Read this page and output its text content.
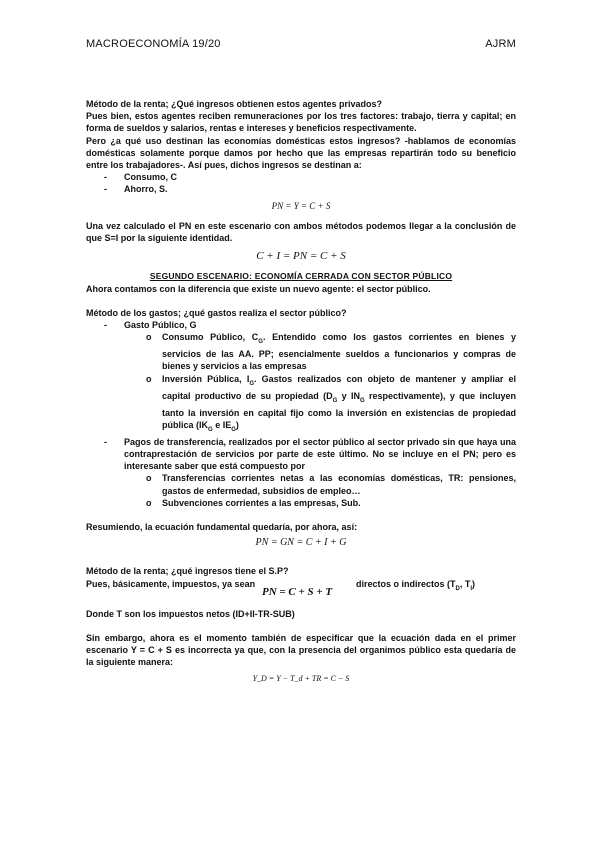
MACROECONOMÍA 19/20	AJRM

Método de la renta; ¿Qué ingresos obtienen estos agentes privados?

Pues bien, estos agentes reciben remuneraciones por los tres factores: trabajo, tierra y capital; en forma de sueldos y salarios, rentas e intereses y beneficios respectivamente.

Pero ¿a qué uso destinan las economías domésticas estos ingresos? -hablamos de economías domésticas solamente porque damos por hecho que las empresas repartirán todo su beneficio entre los trabajadores-. Así pues, dichos ingresos se destinan a:

- Consumo, C
- Ahorro, S.
PN = Y = C + S

Una vez calculado el PN en este escenario con ambos métodos podemos llegar a la conclusión de que S=I por la siguiente identidad.

C + I = PN = C + S
SEGUNDO ESCENARIO: ECONOMÍA CERRADA CON SECTOR PÚBLICO

Ahora contamos con la diferencia que existe un nuevo agente: el sector público.

Método de los gastos; ¿qué gastos realiza el sector público?

- Gasto Público, G
o Consumo Público, $C_G$. Entendido como los gastos corrientes en bienes y servicios de las AA. PP; esencialmente sueldos a funcionarios y compras de bienes y servicios a las empresas
o Inversión Pública, $I_G$. Gastos realizados con objeto de mantener y ampliar el capital productivo de su propiedad ($D_G$ y $IN_G$ respectivamente), y que incluyen tanto la inversión en capital fijo como la inversión en existencias de propiedad pública ($IK_G$ e $IE_G$)
- Pagos de transferencia, realizados por el sector público al sector privado sin que haya una contraprestación de servicios por parte de este último. No se incluye en el PN; pero es interesante saber que está compuesto por
o Transferencias corrientes netas a las economías domésticas, TR: pensiones, gastos de enfermedad, subsidios de empleo…
o Subvenciones corrientes a las empresas, Sub.

Resumiendo, la ecuación fundamental quedaría, por ahora, así:

PN = GN = C + I + G

Método de la renta; ¿qué ingresos tiene el S.P?

Pues, básicamente, impuestos, ya sean	directos o indirectos ($T_D$, $T_I$)
PN = C + S + T

Donde T son los impuestos netos (ID+II-TR-SUB)

Sin embargo, ahora es el momento también de especificar que la ecuación dada en el primer escenario Y = C + S es incorrecta ya que, con la presencia del organimos público esta quedaría de la siguiente manera:

Y_D = Y − T_d + TR = C − S
